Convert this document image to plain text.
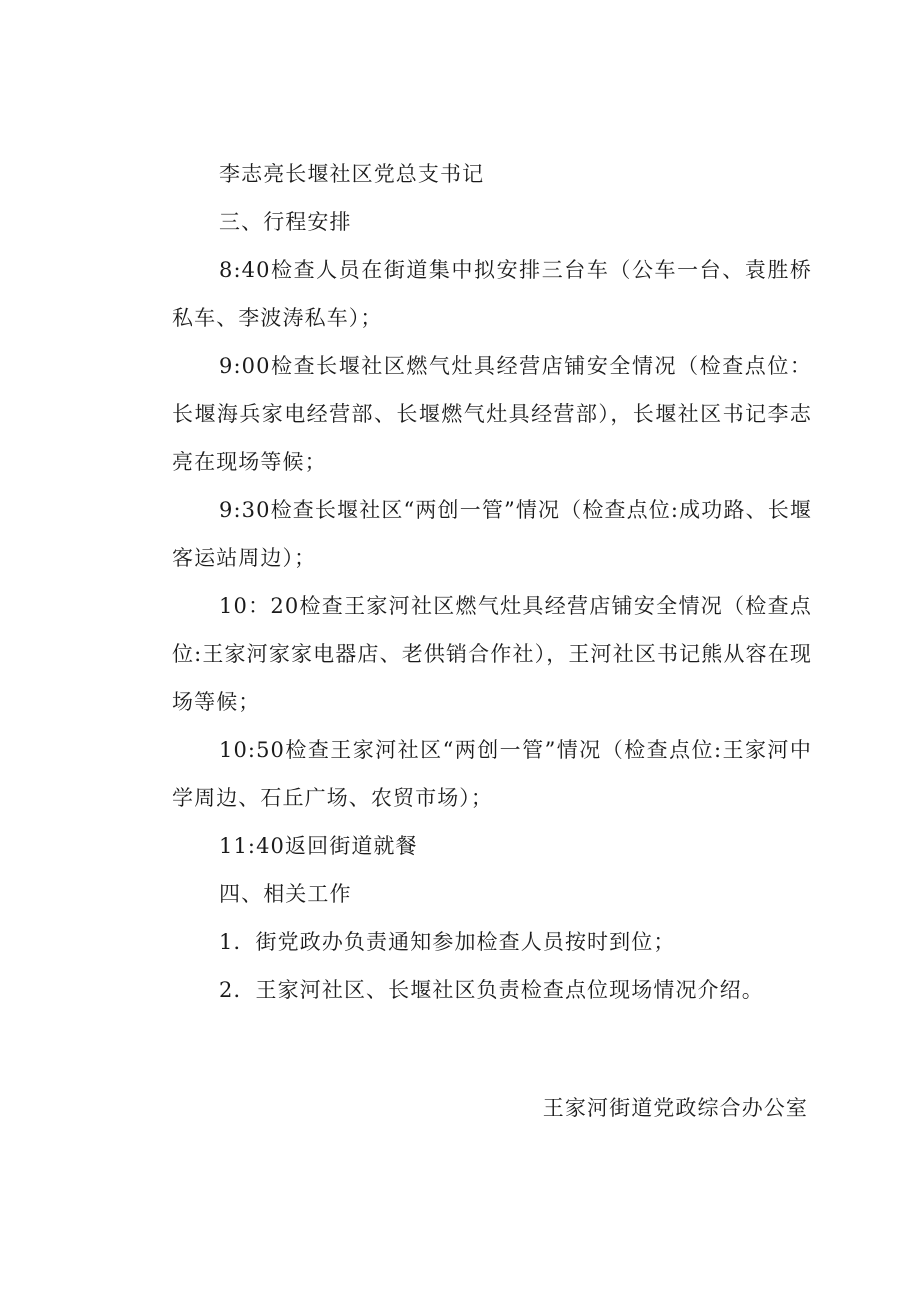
李志亮长堰社区党总支书记

三、行程安排

8:40检查人员在街道集中拟安排三台车（公车一台、袁胜桥私车、李波涛私车）；

9:00检查长堰社区燃气灶具经营店铺安全情况（检查点位：长堰海兵家电经营部、长堰燃气灶具经营部），长堰社区书记李志亮在现场等候；

9:30检查长堰社区“两创一管”情况（检查点位:成功路、长堰客运站周边）；

10：20检查王家河社区燃气灶具经营店铺安全情况（检查点位:王家河家家电器店、老供销合作社），王河社区书记熊从容在现场等候；

10:50检查王家河社区“两创一管”情况（检查点位:王家河中学周边、石丘广场、农贸市场）；

11:40返回街道就餐

四、相关工作

1．街党政办负责通知参加检查人员按时到位；

2．王家河社区、长堰社区负责检查点位现场情况介绍。

王家河街道党政综合办公室
